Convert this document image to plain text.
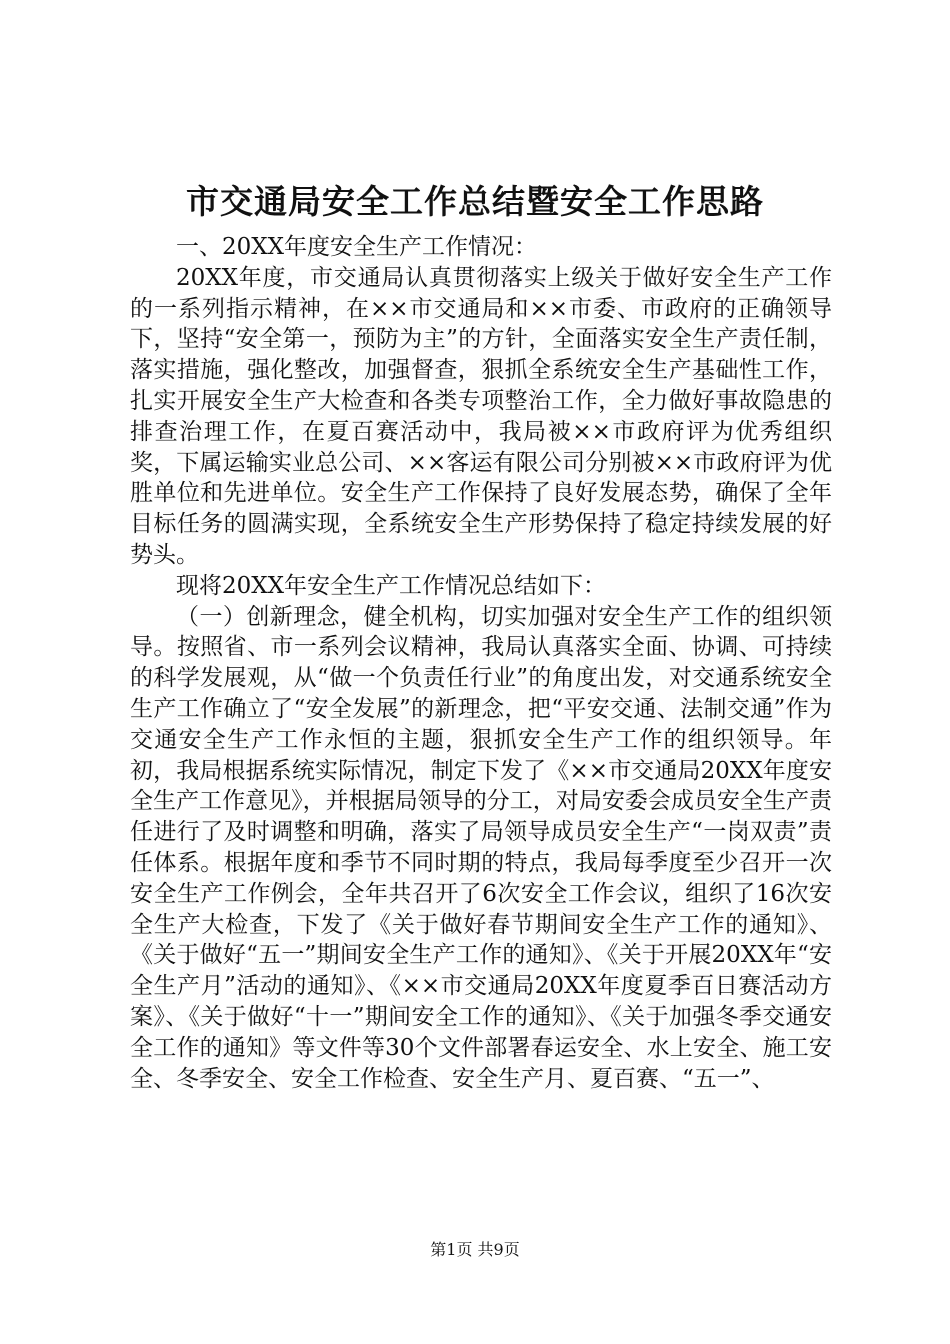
市交通局安全工作总结暨安全工作思路

一、20XX年度安全生产工作情况：

20XX年度，市交通局认真贯彻落实上级关于做好安全生产工作的一系列指示精神，在××市交通局和××市委、市政府的正确领导下，坚持“安全第一，预防为主”的方针，全面落实安全生产责任制，落实措施，强化整改，加强督查，狠抓全系统安全生产基础性工作，扎实开展安全生产大检查和各类专项整治工作，全力做好事故隐患的排查治理工作，在夏百赛活动中，我局被××市政府评为优秀组织奖，下属运输实业总公司、××客运有限公司分别被××市政府评为优胜单位和先进单位。安全生产工作保持了良好发展态势，确保了全年目标任务的圆满实现，全系统安全生产形势保持了稳定持续发展的好势头。

现将20XX年安全生产工作情况总结如下：

（一）创新理念，健全机构，切实加强对安全生产工作的组织领导。按照省、市一系列会议精神，我局认真落实全面、协调、可持续的科学发展观，从“做一个负责任行业”的角度出发，对交通系统安全生产工作确立了“安全发展”的新理念，把“平安交通、法制交通”作为交通安全生产工作永恒的主题，狠抓安全生产工作的组织领导。年初，我局根据系统实际情况，制定下发了《××市交通局20XX年度安全生产工作意见》，并根据局领导的分工，对局安委会成员安全生产责任进行了及时调整和明确，落实了局领导成员安全生产“一岗双责”责任体系。根据年度和季节不同时期的特点，我局每季度至少召开一次安全生产工作例会，全年共召开了6次安全工作会议，组织了16次安全生产大检查，下发了《关于做好春节期间安全生产工作的通知》、《关于做好“五一”期间安全生产工作的通知》、《关于开展20XX年“安全生产月”活动的通知》、《××市交通局20XX年度夏季百日赛活动方案》、《关于做好“十一”期间安全工作的通知》、《关于加强冬季交通安全工作的通知》等文件等30个文件部署春运安全、水上安全、施工安全、冬季安全、安全工作检查、安全生产月、夏百赛、“五一”、

第1页 共9页
